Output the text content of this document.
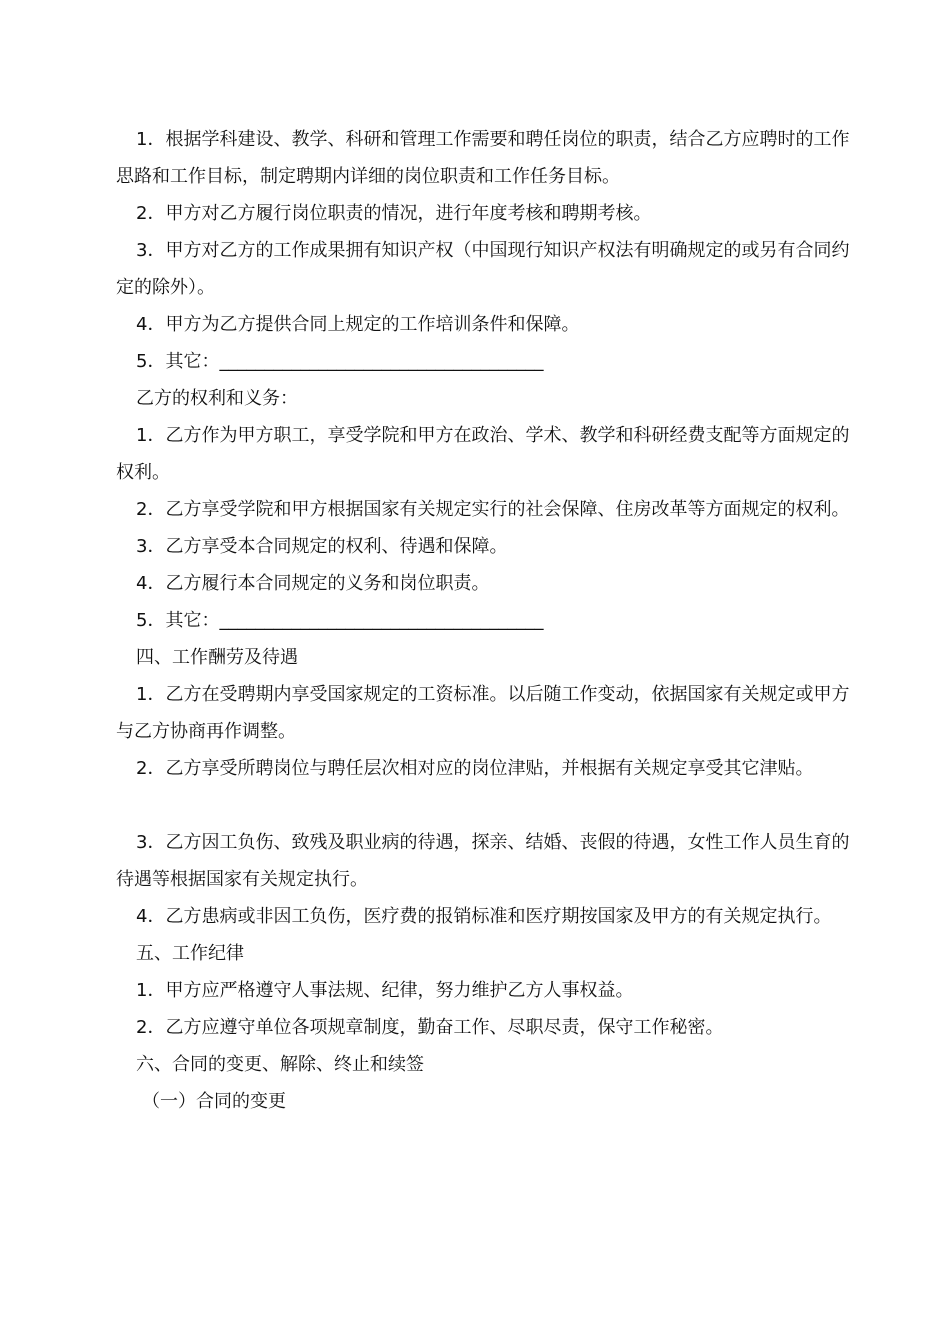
1．根据学科建设、教学、科研和管理工作需要和聘任岗位的职责，结合乙方应聘时的工作思路和工作目标，制定聘期内详细的岗位职责和工作任务目标。

2．甲方对乙方履行岗位职责的情况，进行年度考核和聘期考核。

3．甲方对乙方的工作成果拥有知识产权（中国现行知识产权法有明确规定的或另有合同约定的除外）。

4．甲方为乙方提供合同上规定的工作培训条件和保障。

5．其它：____________________________________

乙方的权利和义务：

1．乙方作为甲方职工，享受学院和甲方在政治、学术、教学和科研经费支配等方面规定的权利。

2．乙方享受学院和甲方根据国家有关规定实行的社会保障、住房改革等方面规定的权利。

3．乙方享受本合同规定的权利、待遇和保障。

4．乙方履行本合同规定的义务和岗位职责。

5．其它：____________________________________

四、工作酬劳及待遇

1．乙方在受聘期内享受国家规定的工资标准。以后随工作变动，依据国家有关规定或甲方与乙方协商再作调整。

2．乙方享受所聘岗位与聘任层次相对应的岗位津贴，并根据有关规定享受其它津贴。

3．乙方因工负伤、致残及职业病的待遇，探亲、结婚、丧假的待遇，女性工作人员生育的待遇等根据国家有关规定执行。

4．乙方患病或非因工负伤，医疗费的报销标准和医疗期按国家及甲方的有关规定执行。

五、工作纪律

1．甲方应严格遵守人事法规、纪律，努力维护乙方人事权益。

2．乙方应遵守单位各项规章制度，勤奋工作、尽职尽责，保守工作秘密。

六、合同的变更、解除、终止和续签

（一）合同的变更
